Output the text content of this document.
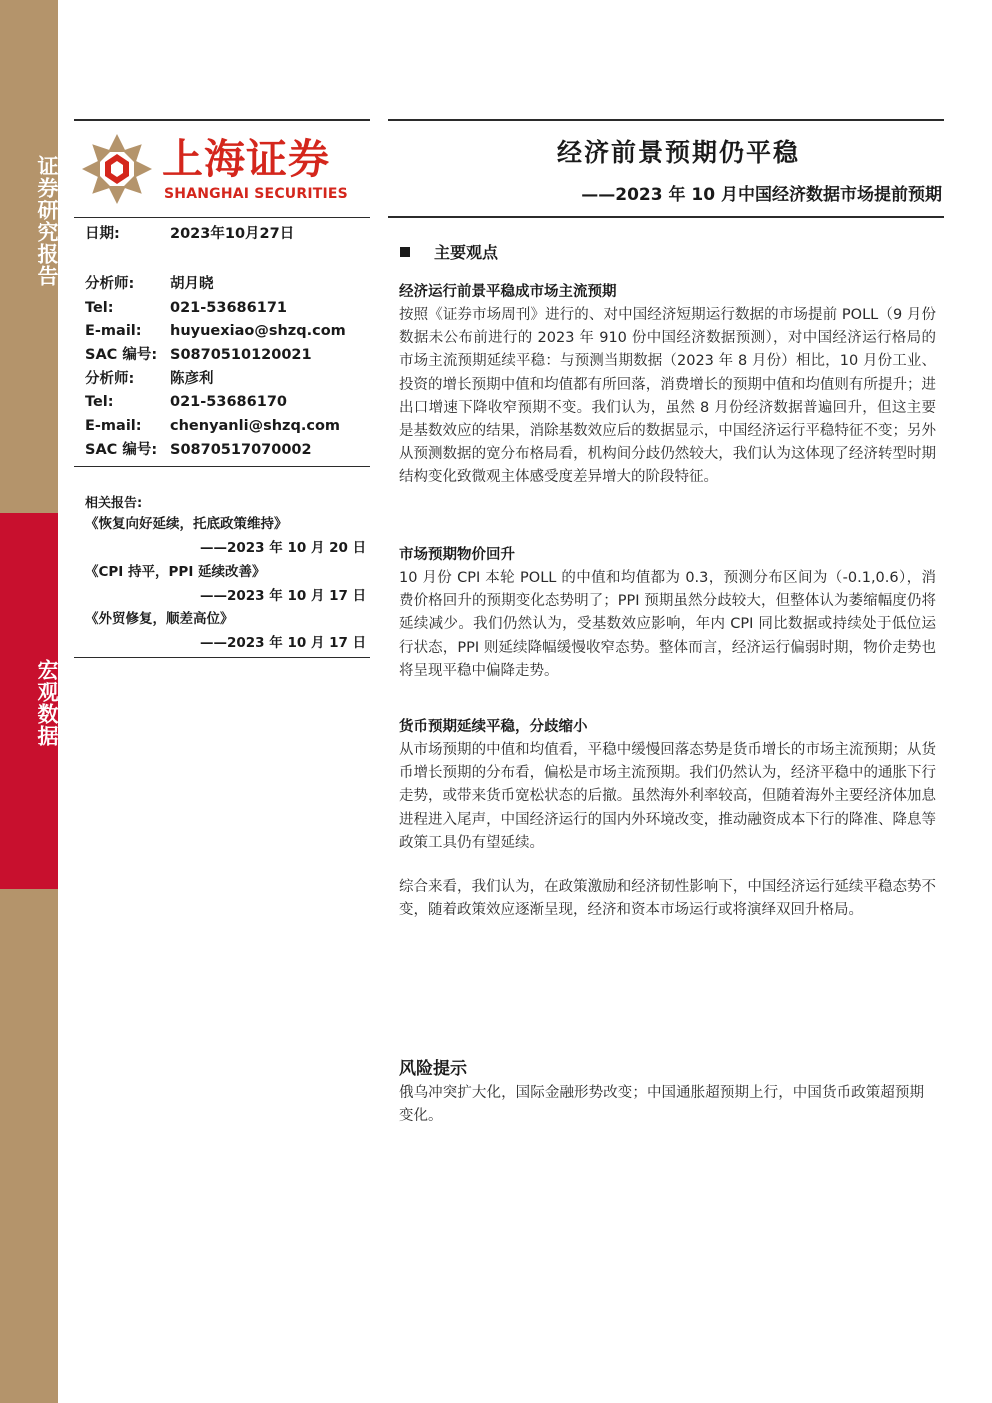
证券研究报告
宏观数据
上海证券
SHANGHAI SECURITIES
日期:	2023年10月27日
分析师: 胡月晓
Tel:	021-53686171
E-mail: huyuexiao@shzq.com
SAC 编号: S0870510120021
分析师: 陈彦利
Tel:	021-53686170
E-mail: chenyanli@shzq.com
SAC 编号: S0870517070002
相关报告:
《恢复向好延续，托底政策维持》
——2023 年 10 月 20 日
《CPI 持平，PPI 延续改善》
——2023 年 10 月 17 日
《外贸修复，顺差高位》
——2023 年 10 月 17 日
经济前景预期仍平稳
——2023 年 10 月中国经济数据市场提前预期
主要观点
经济运行前景平稳成市场主流预期
按照《证券市场周刊》进行的、对中国经济短期运行数据的市场提前 POLL（9 月份数据未公布前进行的 2023 年 910 份中国经济数据预测），对中国经济运行格局的市场主流预期延续平稳：与预测当期数据（2023 年 8 月份）相比，10 月份工业、投资的增长预期中值和均值都有所回落，消费增长的预期中值和均值则有所提升；进出口增速下降收窄预期不变。我们认为，虽然 8 月份经济数据普遍回升，但这主要是基数效应的结果，消除基数效应后的数据显示，中国经济运行平稳特征不变；另外从预测数据的宽分布格局看，机构间分歧仍然较大，我们认为这体现了经济转型时期结构变化致微观主体感受度差异增大的阶段特征。
市场预期物价回升
10 月份 CPI 本轮 POLL 的中值和均值都为 0.3，预测分布区间为（-0.1,0.6），消费价格回升的预期变化态势明了；PPI 预期虽然分歧较大，但整体认为萎缩幅度仍将延续减少。我们仍然认为，受基数效应影响，年内 CPI 同比数据或持续处于低位运行状态，PPI 则延续降幅缓慢收窄态势。整体而言，经济运行偏弱时期，物价走势也将呈现平稳中偏降走势。
货币预期延续平稳，分歧缩小
从市场预期的中值和均值看，平稳中缓慢回落态势是货币增长的市场主流预期；从货币增长预期的分布看，偏松是市场主流预期。我们仍然认为，经济平稳中的通胀下行走势，或带来货币宽松状态的后撤。虽然海外利率较高，但随着海外主要经济体加息进程进入尾声，中国经济运行的国内外环境改变，推动融资成本下行的降准、降息等政策工具仍有望延续。
综合来看，我们认为，在政策激励和经济韧性影响下，中国经济运行延续平稳态势不变，随着政策效应逐渐呈现，经济和资本市场运行或将演绎双回升格局。
风险提示
俄乌冲突扩大化，国际金融形势改变；中国通胀超预期上行，中国货币政策超预期变化。
